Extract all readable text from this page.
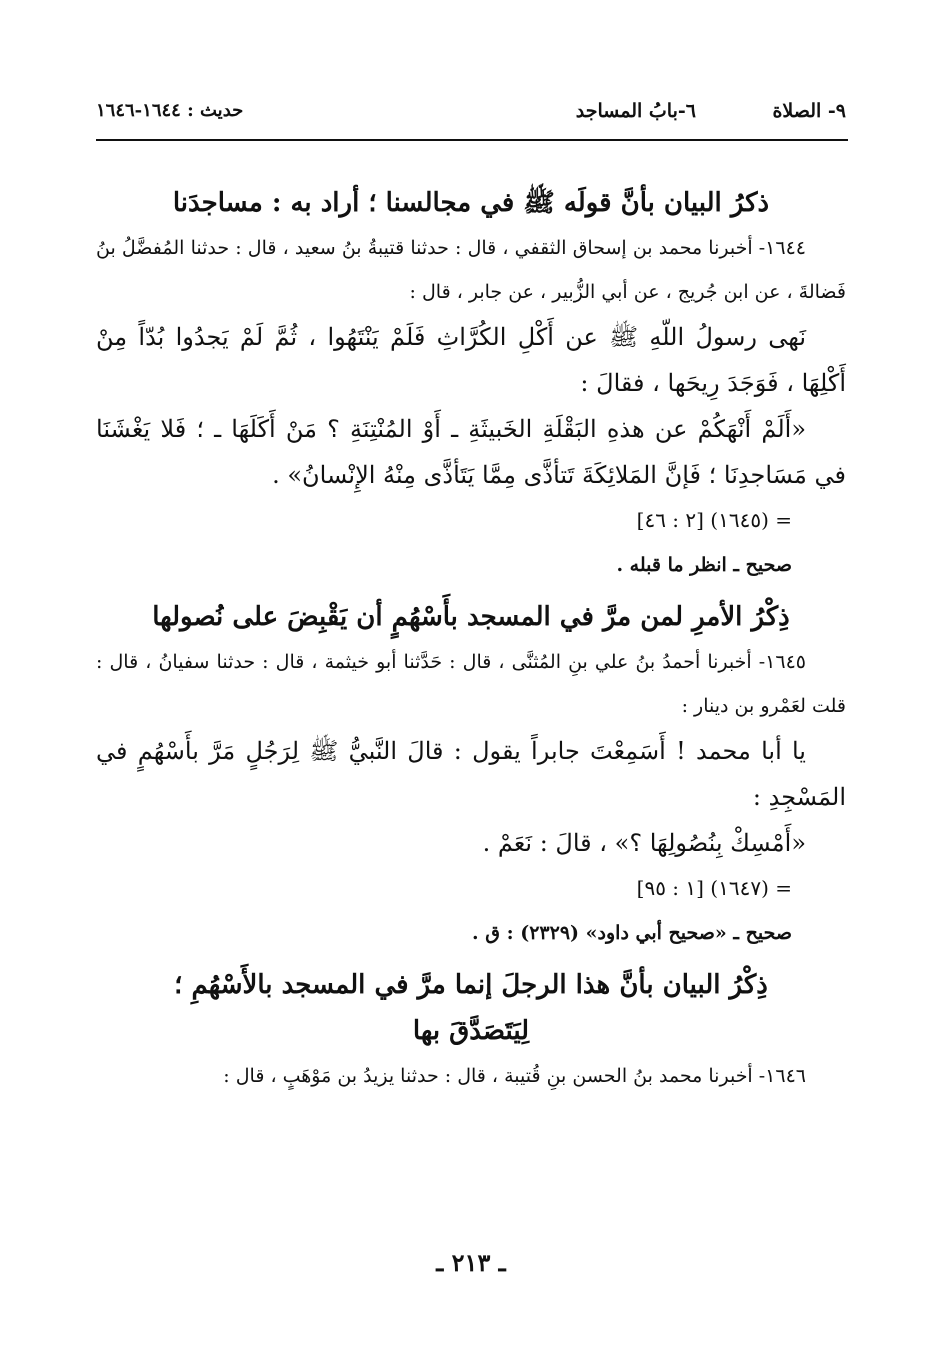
٩- الصلاة
٦-بابُ المساجد
حديث : ١٦٤٤-١٦٤٦

ذكرُ البيان بأنَّ قولَه ﷺ في مجالسنا ؛ أراد به : مساجدَنا

١٦٤٤- أخبرنا محمد بن إسحاق الثقفي ، قال : حدثنا قتيبةُ بنُ سعيد ، قال : حدثنا المُفضَّلُ بنُ فَضالةَ ، عن ابن جُريج ، عن أبي الزُّبير ، عن جابر ، قال :

نَهى رسولُ اللّهِ ﷺ عن أَكْلِ الكُرَّاثِ فَلَمْ يَنْتَهُوا ، ثُمَّ لَمْ يَجدُوا بُدّاً مِنْ أَكْلِهَا ، فَوَجَدَ رِيحَها ، فقالَ :

«أَلَمْ أَنْهَكُمْ عن هذهِ البَقْلَةِ الخَبيثَةِ ـ أَوْ المُنْتِنَةِ ؟ مَنْ أَكَلَهَا ـ ؛ فَلا يَغْشَنَا في مَسَاجدِنَا ؛ فَإنَّ المَلائِكَةَ تَتأذَّى مِمَّا يَتَأذَّى مِنْهُ الإِنْسانُ» .

= (١٦٤٥) [٢ : ٤٦]

صحيح ـ انظر ما قبله .

ذِكْرُ الأمرِ لمن مرَّ في المسجد بأَسْهُمٍ أن يَقْبِضَ على نُصولها

١٦٤٥- أخبرنا أحمدُ بنُ علي بنِ المُثنَّى ، قال : حَدَّثنا أبو خيثمة ، قال : حدثنا سفيانُ ، قال : قلت لعَمْرو بن دينار :

يا أبا محمد ! أَسَمِعْتَ جابراً يقول : قالَ النَّبيُّ ﷺ لِرَجُلٍ مَرَّ بأَسْهُمٍ في المَسْجِدِ :

«أَمْسِكْ بِنُصُولِهَا ؟» ، قالَ : نَعَمْ .

= (١٦٤٧) [١ : ٩٥]

صحيح ـ «صحيح أبي داود» (٢٣٢٩) : ق .

ذِكْرُ البيان بأنَّ هذا الرجلَ إنما مرَّ في المسجد بالأَسْهُمِ ؛

لِيَتَصَدَّقَ بها

١٦٤٦- أخبرنا محمد بنُ الحسن بنِ قُتيبة ، قال : حدثنا يزيدُ بن مَوْهَبٍ ، قال :

ـ ٢١٣ ـ
